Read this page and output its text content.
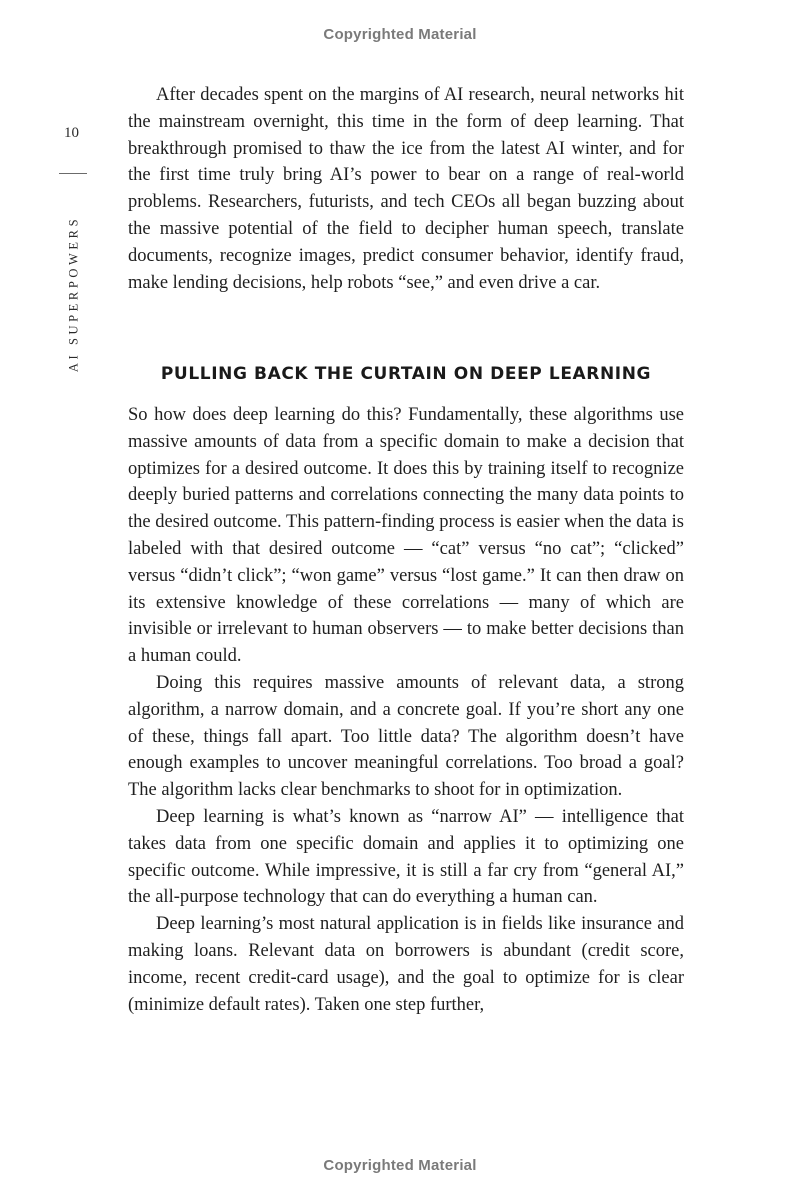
Copyrighted Material
10
AI SUPERPOWERS

After decades spent on the margins of AI research, neural networks hit the mainstream overnight, this time in the form of deep learning. That breakthrough promised to thaw the ice from the latest AI winter, and for the first time truly bring AI’s power to bear on a range of real-world problems. Researchers, futurists, and tech CEOs all began buzzing about the massive potential of the field to decipher human speech, translate documents, recognize images, predict consumer behavior, identify fraud, make lending decisions, help robots “see,” and even drive a car.

PULLING BACK THE CURTAIN ON DEEP LEARNING

So how does deep learning do this? Fundamentally, these algorithms use massive amounts of data from a specific domain to make a decision that optimizes for a desired outcome. It does this by training itself to recognize deeply buried patterns and correlations connecting the many data points to the desired outcome. This pattern-finding process is easier when the data is labeled with that desired outcome — “cat” versus “no cat”; “clicked” versus “didn’t click”; “won game” versus “lost game.” It can then draw on its extensive knowledge of these correlations — many of which are invisible or irrelevant to human observers — to make better decisions than a human could.

Doing this requires massive amounts of relevant data, a strong algorithm, a narrow domain, and a concrete goal. If you’re short any one of these, things fall apart. Too little data? The algorithm doesn’t have enough examples to uncover meaningful correlations. Too broad a goal? The algorithm lacks clear benchmarks to shoot for in optimization.

Deep learning is what’s known as “narrow AI” — intelligence that takes data from one specific domain and applies it to optimizing one specific outcome. While impressive, it is still a far cry from “general AI,” the all-purpose technology that can do everything a human can.

Deep learning’s most natural application is in fields like insurance and making loans. Relevant data on borrowers is abundant (credit score, income, recent credit-card usage), and the goal to optimize for is clear (minimize default rates). Taken one step further,

Copyrighted Material
